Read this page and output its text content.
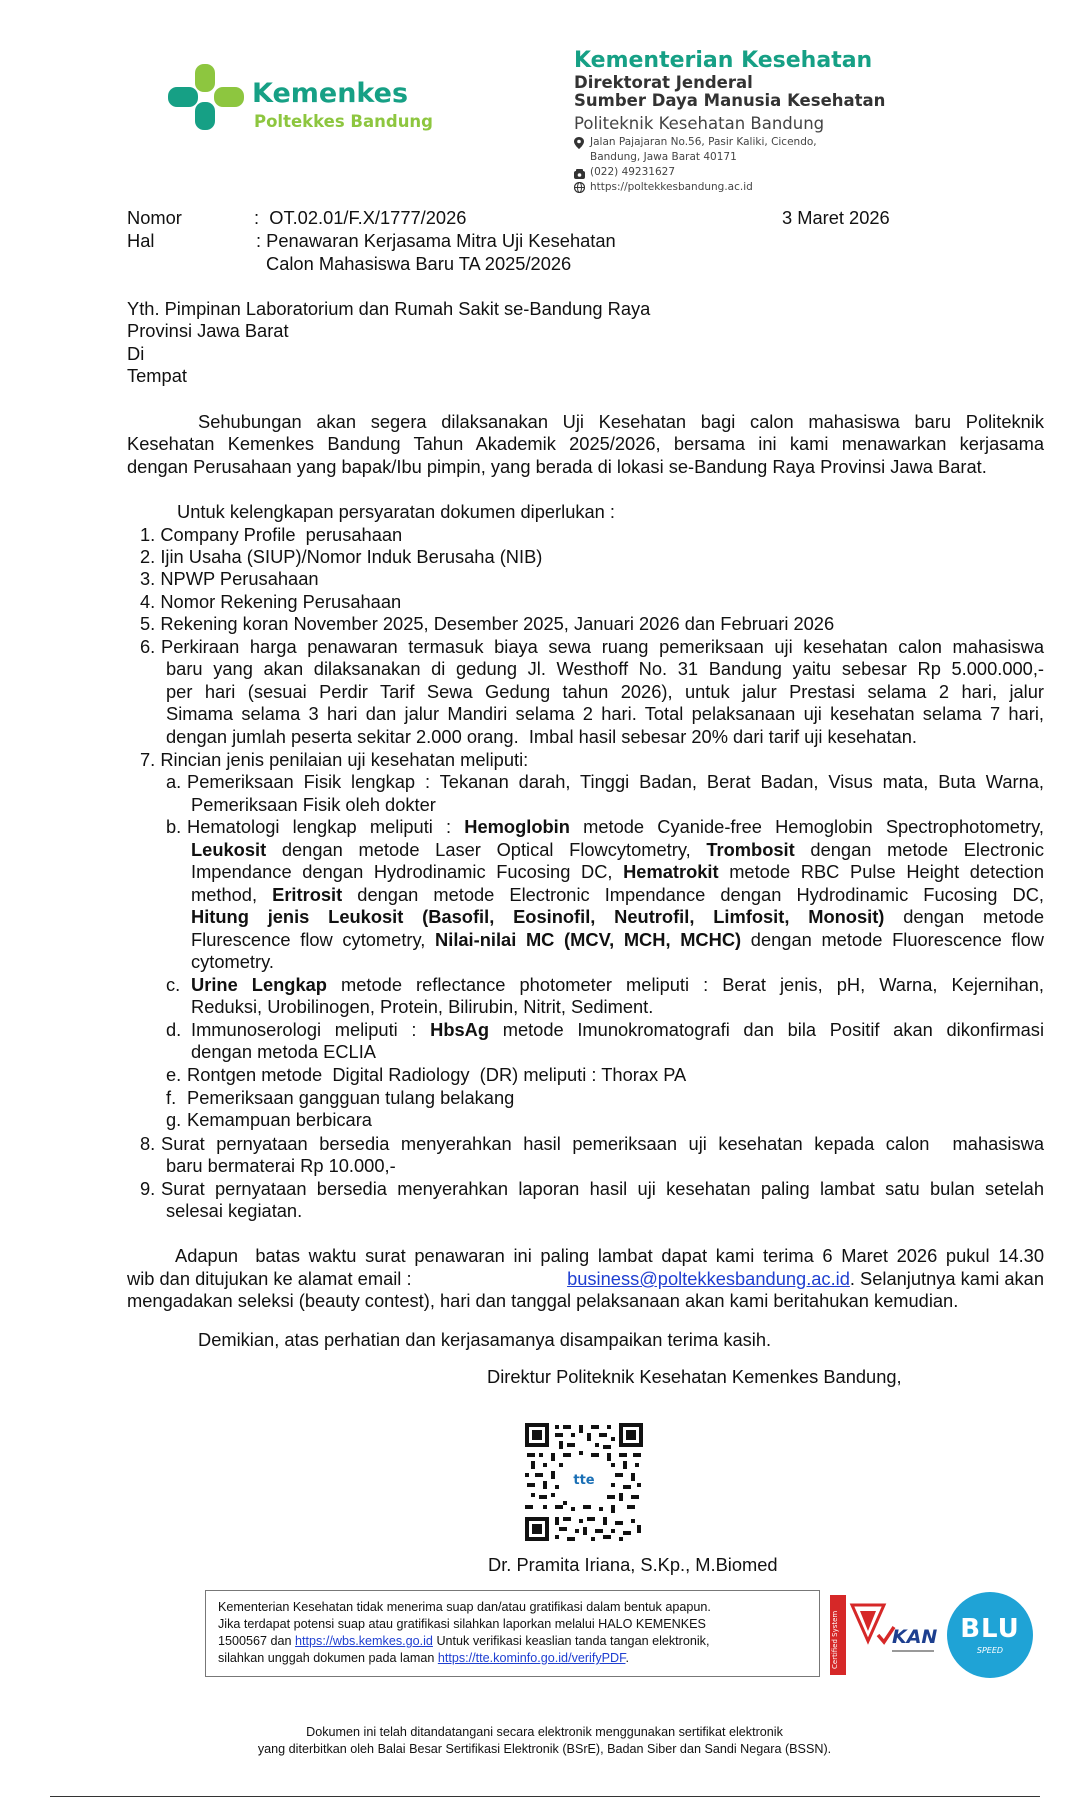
Kemenkes
Poltekkes Bandung
Kementerian Kesehatan
Direktorat Jenderal
Sumber Daya Manusia Kesehatan
Politeknik Kesehatan Bandung
Jalan Pajajaran No.56, Pasir Kaliki, Cicendo,
Bandung, Jawa Barat 40171
(022) 49231627
https://poltekkesbandung.ac.id
Nomor	:  OT.02.01/F.X/1777/2026	3 Maret 2026
Hal	: Penawaran Kerjasama Mitra Uji Kesehatan
Calon Mahasiswa Baru TA 2025/2026
Yth. Pimpinan Laboratorium dan Rumah Sakit se-Bandung Raya
Provinsi Jawa Barat
Di
Tempat
Sehubungan akan segera dilaksanakan Uji Kesehatan bagi calon mahasiswa baru Politeknik
Kesehatan Kemenkes Bandung Tahun Akademik 2025/2026, bersama ini kami menawarkan kerjasama
dengan Perusahaan yang bapak/Ibu pimpin, yang berada di lokasi se-Bandung Raya Provinsi Jawa Barat.
Untuk kelengkapan persyaratan dokumen diperlukan :
1. Company Profile  perusahaan
2. Ijin Usaha (SIUP)/Nomor Induk Berusaha (NIB)
3. NPWP Perusahaan
4. Nomor Rekening Perusahaan
5. Rekening koran November 2025, Desember 2025, Januari 2026 dan Februari 2026
6. Perkiraan harga penawaran termasuk biaya sewa ruang pemeriksaan uji kesehatan calon mahasiswa
baru yang akan dilaksanakan di gedung Jl. Westhoff No. 31 Bandung yaitu sebesar Rp 5.000.000,-
per hari (sesuai Perdir Tarif Sewa Gedung tahun 2026), untuk jalur Prestasi selama 2 hari, jalur
Simama selama 3 hari dan jalur Mandiri selama 2 hari. Total pelaksanaan uji kesehatan selama 7 hari,
dengan jumlah peserta sekitar 2.000 orang.  Imbal hasil sebesar 20% dari tarif uji kesehatan.
7. Rincian jenis penilaian uji kesehatan meliputi:
a. Pemeriksaan Fisik lengkap : Tekanan darah, Tinggi Badan, Berat Badan, Visus mata, Buta Warna,
Pemeriksaan Fisik oleh dokter
b. Hematologi lengkap meliputi : Hemoglobin metode Cyanide-free Hemoglobin Spectrophotometry,
Leukosit dengan metode Laser Optical Flowcytometry, Trombosit dengan metode Electronic
Impendance dengan Hydrodinamic Fucosing DC, Hematrokit metode RBC Pulse Height detection
method, Eritrosit dengan metode Electronic Impendance dengan Hydrodinamic Fucosing DC,
Hitung jenis Leukosit (Basofil, Eosinofil, Neutrofil, Limfosit, Monosit) dengan metode
Flurescence flow cytometry, Nilai-nilai MC (MCV, MCH, MCHC) dengan metode Fluorescence flow
cytometry.
c. Urine Lengkap metode reflectance photometer meliputi : Berat jenis, pH, Warna, Kejernihan,
Reduksi, Urobilinogen, Protein, Bilirubin, Nitrit, Sediment.
d. Immunoserologi meliputi : HbsAg metode Imunokromatografi dan bila Positif akan dikonfirmasi
dengan metoda ECLIA
e. Rontgen metode  Digital Radiology  (DR) meliputi : Thorax PA
f. Pemeriksaan gangguan tulang belakang
g. Kemampuan berbicara
8. Surat pernyataan bersedia menyerahkan hasil pemeriksaan uji kesehatan kepada calon  mahasiswa
baru bermaterai Rp 10.000,-
9. Surat pernyataan bersedia menyerahkan laporan hasil uji kesehatan paling lambat satu bulan setelah
selesai kegiatan.
Adapun  batas waktu surat penawaran ini paling lambat dapat kami terima 6 Maret 2026 pukul 14.30
wib dan ditujukan ke alamat email :	business@poltekkesbandung.ac.id . Selanjutnya kami akan
mengadakan seleksi (beauty contest), hari dan tanggal pelaksanaan akan kami beritahukan kemudian.
Demikian, atas perhatian dan kerjasamanya disampaikan terima kasih.
Direktur Politeknik Kesehatan Kemenkes Bandung,
tte
Dr. Pramita Iriana, S.Kp., M.Biomed
Kementerian Kesehatan tidak menerima suap dan/atau gratifikasi dalam bentuk apapun.
Jika terdapat potensi suap atau gratifikasi silahkan laporkan melalui HALO KEMENKES
1500567 dan https://wbs.kemkes.go.id Untuk verifikasi keaslian tanda tangan elektronik,
silahkan unggah dokumen pada laman https://tte.kominfo.go.id/verifyPDF.	Certified System	KAN BLU
SPEED
Dokumen ini telah ditandatangani secara elektronik menggunakan sertifikat elektronik
yang diterbitkan oleh Balai Besar Sertifikasi Elektronik (BSrE), Badan Siber dan Sandi Negara (BSSN).
